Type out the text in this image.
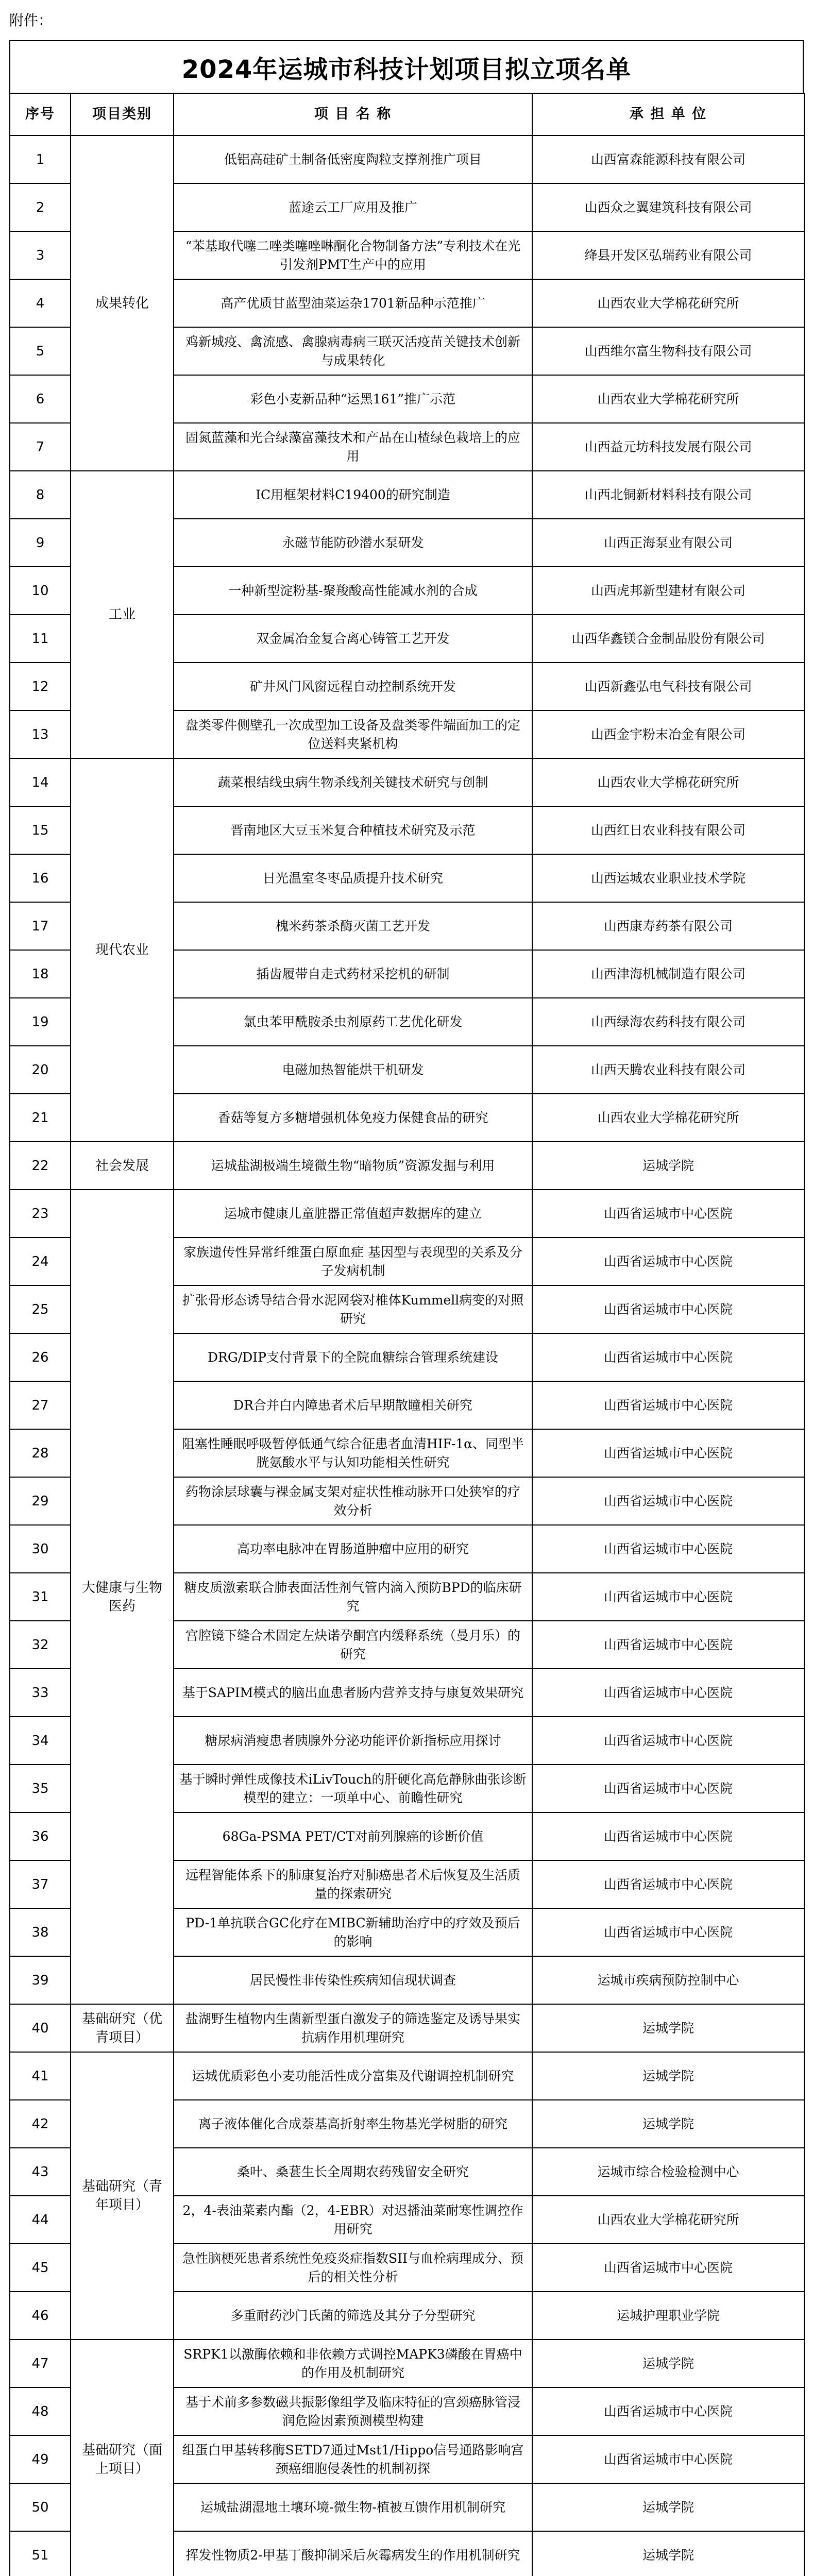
附件：
2024年运城市科技计划项目拟立项名单
序号	项目类别	项 目 名 称	承 担 单 位
1	成果转化	低铝高硅矿土制备低密度陶粒支撑剂推广项目	山西富森能源科技有限公司
2		蓝途云工厂应用及推广	山西众之翼建筑科技有限公司
3		“苯基取代噻二唑类噻唑啉酮化合物制备方法”专利技术在光引发剂PMT生产中的应用	绛县开发区弘瑞药业有限公司
4		高产优质甘蓝型油菜运杂1701新品种示范推广	山西农业大学棉花研究所
5		鸡新城疫、禽流感、禽腺病毒病三联灭活疫苗关键技术创新与成果转化	山西维尔富生物科技有限公司
6		彩色小麦新品种“运黑161”推广示范	山西农业大学棉花研究所
7		固氮蓝藻和光合绿藻富藻技术和产品在山楂绿色栽培上的应用	山西益元坊科技发展有限公司
8	工业	IC用框架材料C19400的研究制造	山西北铜新材料科技有限公司
9		永磁节能防砂潜水泵研发	山西正海泵业有限公司
10		一种新型淀粉基-聚羧酸高性能减水剂的合成	山西虎邦新型建材有限公司
11		双金属冶金复合离心铸管工艺开发	山西华鑫镁合金制品股份有限公司
12		矿井风门风窗远程自动控制系统开发	山西新鑫弘电气科技有限公司
13		盘类零件侧壁孔一次成型加工设备及盘类零件端面加工的定位送料夹紧机构	山西金宇粉末冶金有限公司
14	现代农业	蔬菜根结线虫病生物杀线剂关键技术研究与创制	山西农业大学棉花研究所
15		晋南地区大豆玉米复合种植技术研究及示范	山西红日农业科技有限公司
16		日光温室冬枣品质提升技术研究	山西运城农业职业技术学院
17		槐米药茶杀酶灭菌工艺开发	山西康寿药茶有限公司
18		插齿履带自走式药材采挖机的研制	山西津海机械制造有限公司
19		氯虫苯甲酰胺杀虫剂原药工艺优化研发	山西绿海农药科技有限公司
20		电磁加热智能烘干机研发	山西天腾农业科技有限公司
21		香菇等复方多糖增强机体免疫力保健食品的研究	山西农业大学棉花研究所
22	社会发展	运城盐湖极端生境微生物“暗物质”资源发掘与利用	运城学院
23	大健康与生物医药	运城市健康儿童脏器正常值超声数据库的建立	山西省运城市中心医院
24		家族遗传性异常纤维蛋白原血症 基因型与表现型的关系及分子发病机制	山西省运城市中心医院
25		扩张骨形态诱导结合骨水泥网袋对椎体Kummell病变的对照研究	山西省运城市中心医院
26		DRG/DIP支付背景下的全院血糖综合管理系统建设	山西省运城市中心医院
27		DR合并白内障患者术后早期散瞳相关研究	山西省运城市中心医院
28		阻塞性睡眠呼吸暂停低通气综合征患者血清HIF-1α、同型半胱氨酸水平与认知功能相关性研究	山西省运城市中心医院
29		药物涂层球囊与裸金属支架对症状性椎动脉开口处狭窄的疗效分析	山西省运城市中心医院
30		高功率电脉冲在胃肠道肿瘤中应用的研究	山西省运城市中心医院
31		糖皮质激素联合肺表面活性剂气管内滴入预防BPD的临床研究	山西省运城市中心医院
32		宫腔镜下缝合术固定左炔诺孕酮宫内缓释系统（曼月乐）的研究	山西省运城市中心医院
33		基于SAPIM模式的脑出血患者肠内营养支持与康复效果研究	山西省运城市中心医院
34		糖尿病消瘦患者胰腺外分泌功能评价新指标应用探讨	山西省运城市中心医院
35		基于瞬时弹性成像技术iLivTouch的肝硬化高危静脉曲张诊断模型的建立：一项单中心、前瞻性研究	山西省运城市中心医院
36		68Ga-PSMA PET/CT对前列腺癌的诊断价值	山西省运城市中心医院
37		远程智能体系下的肺康复治疗对肺癌患者术后恢复及生活质量的探索研究	山西省运城市中心医院
38		PD-1单抗联合GC化疗在MIBC新辅助治疗中的疗效及预后的影响	山西省运城市中心医院
39		居民慢性非传染性疾病知信现状调查	运城市疾病预防控制中心
40	基础研究（优青项目）	盐湖野生植物内生菌新型蛋白激发子的筛选鉴定及诱导果实抗病作用机理研究	运城学院
41	基础研究（青年项目）	运城优质彩色小麦功能活性成分富集及代谢调控机制研究	运城学院
42		离子液体催化合成萘基高折射率生物基光学树脂的研究	运城学院
43		桑叶、桑葚生长全周期农药残留安全研究	运城市综合检验检测中心
44		2，4-表油菜素内酯（2，4-EBR）对迟播油菜耐寒性调控作用研究	山西农业大学棉花研究所
45		急性脑梗死患者系统性免疫炎症指数SII与血栓病理成分、预后的相关性分析	山西省运城市中心医院
46		多重耐药沙门氏菌的筛选及其分子分型研究	运城护理职业学院
47	基础研究（面上项目）	SRPK1以激酶依赖和非依赖方式调控MAPK3磷酸在胃癌中的作用及机制研究	运城学院
48		基于术前多参数磁共振影像组学及临床特征的宫颈癌脉管浸润危险因素预测模型构建	山西省运城市中心医院
49		组蛋白甲基转移酶SETD7通过Mst1/Hippo信号通路影响宫颈癌细胞侵袭性的机制初探	山西省运城市中心医院
50		运城盐湖湿地土壤环境-微生物-植被互馈作用机制研究	运城学院
51		挥发性物质2-甲基丁酸抑制采后灰霉病发生的作用机制研究	运城学院
